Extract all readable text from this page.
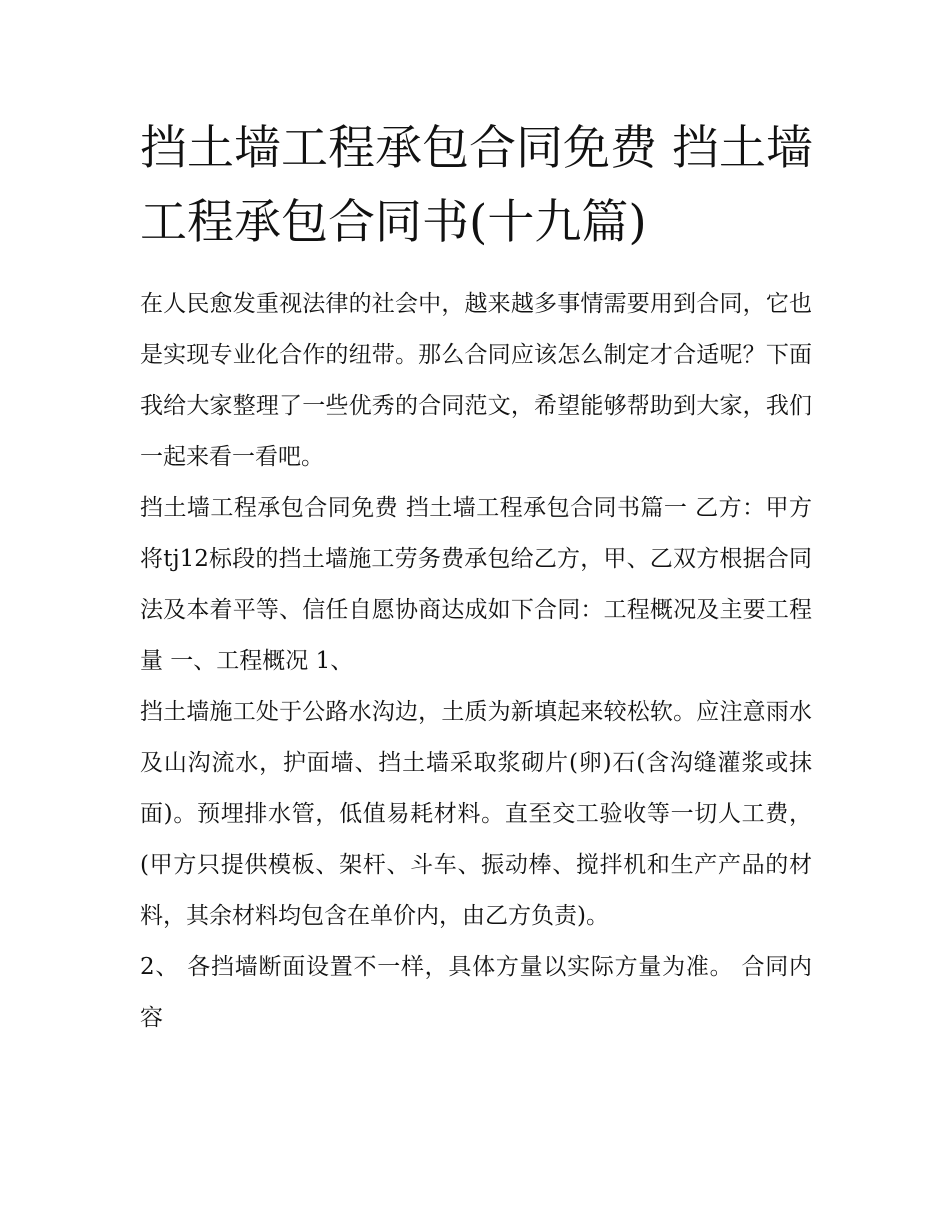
挡土墙工程承包合同免费 挡土墙工程承包合同书(十九篇)

在人民愈发重视法律的社会中，越来越多事情需要用到合同，它也是实现专业化合作的纽带。那么合同应该怎么制定才合适呢？下面我给大家整理了一些优秀的合同范文，希望能够帮助到大家，我们一起来看一看吧。

挡土墙工程承包合同免费 挡土墙工程承包合同书篇一 乙方：甲方将tj12标段的挡土墙施工劳务费承包给乙方，甲、乙双方根据合同法及本着平等、信任自愿协商达成如下合同：工程概况及主要工程量 一、工程概况 1、

挡土墙施工处于公路水沟边，土质为新填起来较松软。应注意雨水及山沟流水，护面墙、挡土墙采取浆砌片(卵)石(含沟缝灌浆或抹面)。预埋排水管，低值易耗材料。直至交工验收等一切人工费，(甲方只提供模板、架杆、斗车、振动棒、搅拌机和生产产品的材料，其余材料均包含在单价内，由乙方负责)。

2、 各挡墙断面设置不一样，具体方量以实际方量为准。 合同内容
